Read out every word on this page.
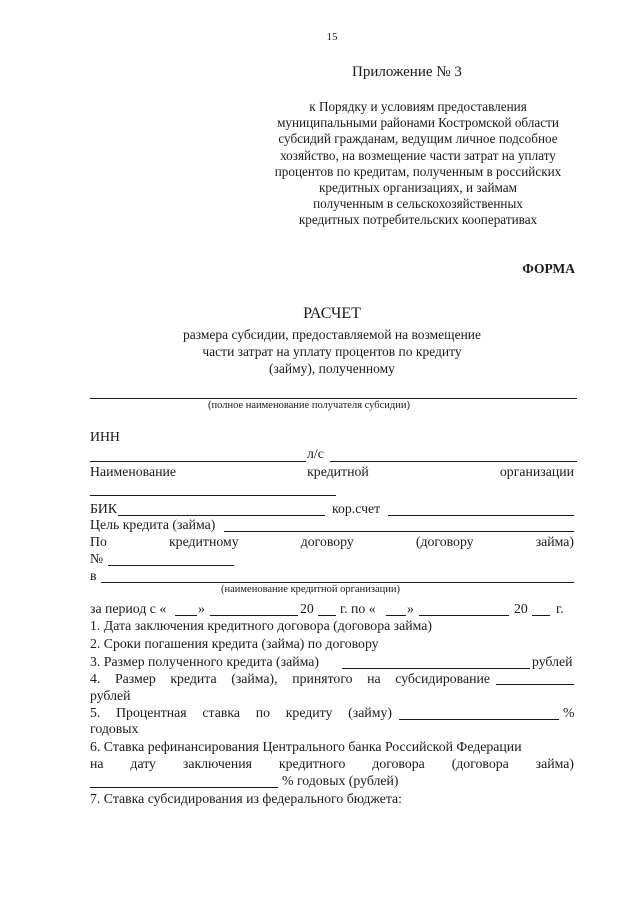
15
Приложение № 3
к Порядку и условиям предоставления
муниципальными районами Костромской области
субсидий гражданам, ведущим личное подсобное
хозяйство, на возмещение части затрат на уплату
процентов по кредитам, полученным в российских
кредитных организациях, и займам
полученным в сельскохозяйственных
кредитных потребительских кооперативах
ФОРМА
РАСЧЕТ
размера субсидии, предоставляемой на возмещение
части затрат на уплату процентов по кредиту
(займу), полученному
(полное наименование получателя субсидии)
ИНН
л/с
Наименование	кредитной	организации
БИК	кор.счет
Цель кредита (займа)
По	кредитному	договору	(договору	займа)
№
в
(наименование кредитной организации)
за период с « »	20 г. по « »	20 г.
1. Дата заключения кредитного договора (договора займа)
2. Сроки погашения кредита (займа) по договору
3. Размер полученного кредита (займа)	рублей
4. Размер кредита (займа), принятого на субсидирование
рублей
5. Процентная ставка по кредиту (займу)	%
годовых
6. Ставка рефинансирования Центрального банка Российской Федерации
на дату заключения кредитного договора (договора займа)
% годовых (рублей)
7. Ставка субсидирования из федерального бюджета:
